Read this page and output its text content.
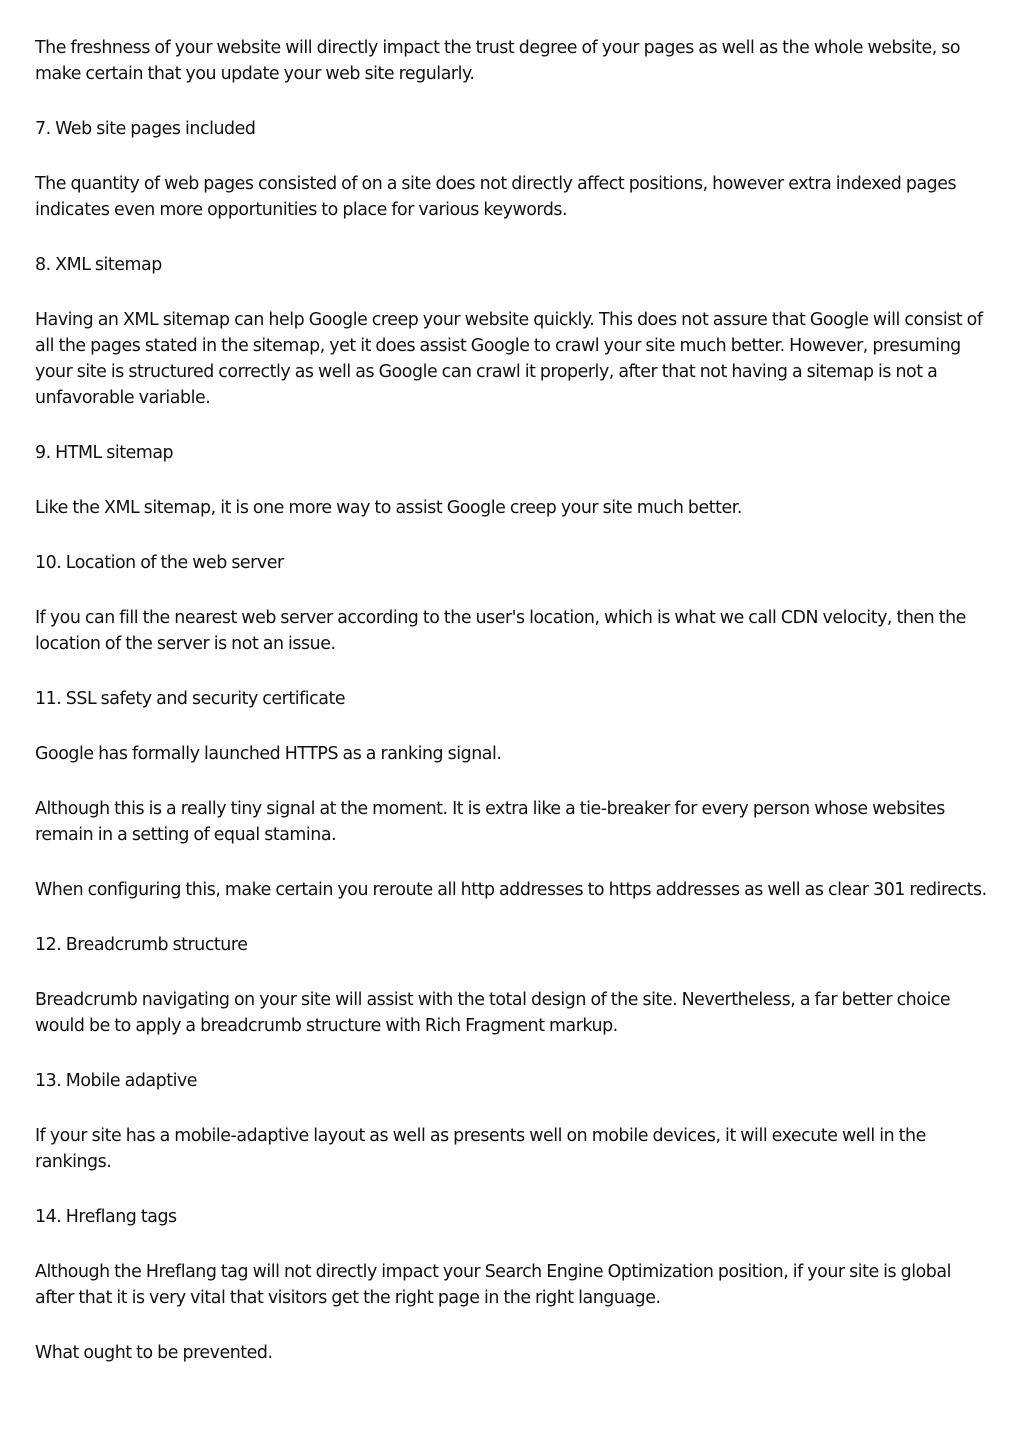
The freshness of your website will directly impact the trust degree of your pages as well as the whole website, so make certain that you update your web site regularly.

7. Web site pages included

The quantity of web pages consisted of on a site does not directly affect positions, however extra indexed pages indicates even more opportunities to place for various keywords.

8. XML sitemap

Having an XML sitemap can help Google creep your website quickly. This does not assure that Google will consist of all the pages stated in the sitemap, yet it does assist Google to crawl your site much better. However, presuming your site is structured correctly as well as Google can crawl it properly, after that not having a sitemap is not a unfavorable variable.

9. HTML sitemap

Like the XML sitemap, it is one more way to assist Google creep your site much better.

10. Location of the web server

If you can fill the nearest web server according to the user's location, which is what we call CDN velocity, then the location of the server is not an issue.

11. SSL safety and security certificate

Google has formally launched HTTPS as a ranking signal.

Although this is a really tiny signal at the moment. It is extra like a tie-breaker for every person whose websites remain in a setting of equal stamina.

When configuring this, make certain you reroute all http addresses to https addresses as well as clear 301 redirects.

12. Breadcrumb structure

Breadcrumb navigating on your site will assist with the total design of the site. Nevertheless, a far better choice would be to apply a breadcrumb structure with Rich Fragment markup.

13. Mobile adaptive

If your site has a mobile-adaptive layout as well as presents well on mobile devices, it will execute well in the rankings.

14. Hreflang tags

Although the Hreflang tag will not directly impact your Search Engine Optimization position, if your site is global after that it is very vital that visitors get the right page in the right language.

What ought to be prevented.
